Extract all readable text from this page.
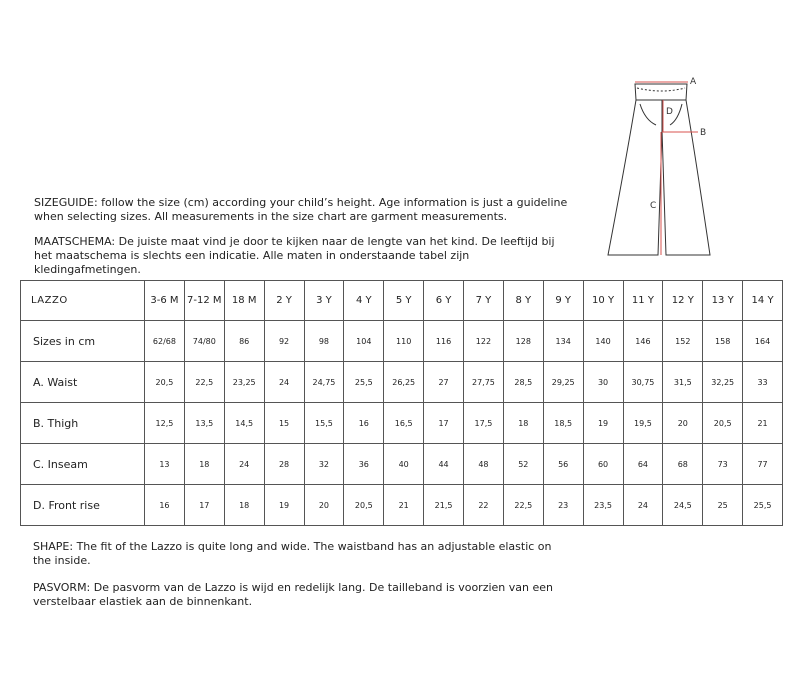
A
B
C
D

SIZEGUIDE: follow the size (cm) according your child’s height. Age information is just a guideline when selecting sizes. All measurements in the size chart are garment measurements.

MAATSCHEMA: De juiste maat vind je door te kijken naar de lengte van het kind. De leeftijd bij het maatschema is slechts een indicatie. Alle maten in onderstaande tabel zijn kledingafmetingen.

LAZZO	3-6 M	7-12 M	18 M	2 Y	3 Y	4 Y	5 Y	6 Y	7 Y	8 Y	9 Y	10 Y	11 Y	12 Y	13 Y	14 Y
Sizes in cm	62/68	74/80	86	92	98	104	110	116	122	128	134	140	146	152	158	164
A. Waist	20,5	22,5	23,25	24	24,75	25,5	26,25	27	27,75	28,5	29,25	30	30,75	31,5	32,25	33
B. Thigh	12,5	13,5	14,5	15	15,5	16	16,5	17	17,5	18	18,5	19	19,5	20	20,5	21
C. Inseam	13	18	24	28	32	36	40	44	48	52	56	60	64	68	73	77
D. Front rise	16	17	18	19	20	20,5	21	21,5	22	22,5	23	23,5	24	24,5	25	25,5

SHAPE: The fit of the Lazzo is quite long and wide. The waistband has an adjustable elastic on the inside.

PASVORM: De pasvorm van de Lazzo is wijd en redelijk lang. De tailleband is voorzien van een verstelbaar elastiek aan de binnenkant.
